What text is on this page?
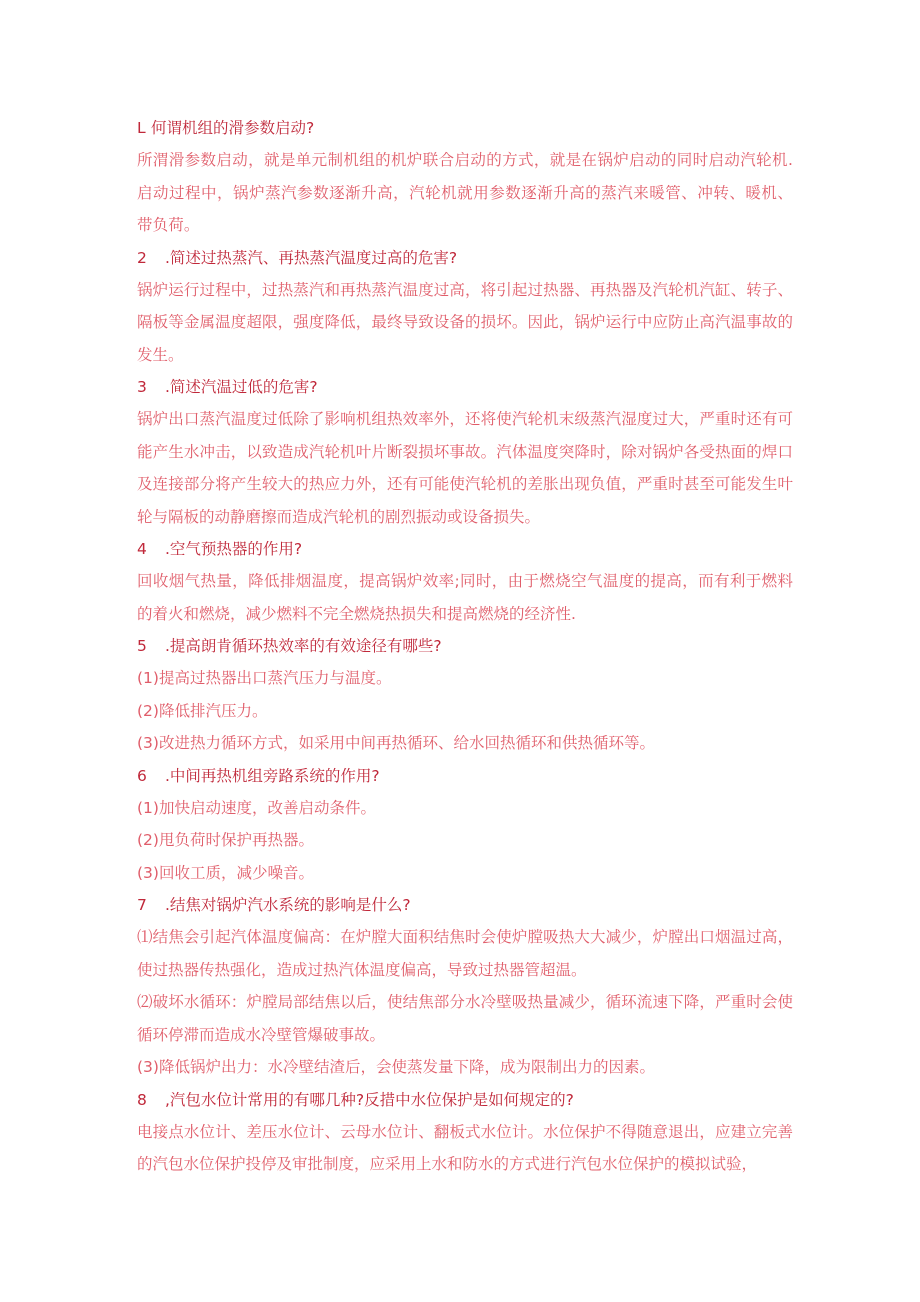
L 何谓机组的滑参数启动?

所渭滑参数启动，就是单元制机组的机炉联合启动的方式，就是在锅炉启动的同时启动汽轮机.启动过程中，锅炉蒸汽参数逐渐升高，汽轮机就用参数逐渐升高的蒸汽来暖管、冲转、暖机、带负荷。

2 .简述过热蒸汽、再热蒸汽温度过高的危害?

锅炉运行过程中，过热蒸汽和再热蒸汽温度过高，将引起过热器、再热器及汽轮机汽缸、转子、隔板等金属温度超限，强度降低，最终导致设备的损坏。因此，锅炉运行中应防止高汽温事故的发生。

3 .简述汽温过低的危害?

锅炉出口蒸汽温度过低除了影响机组热效率外，还将使汽轮机末级蒸汽湿度过大，严重时还有可能产生水冲击，以致造成汽轮机叶片断裂损坏事故。汽体温度突降时，除对锅炉各受热面的焊口及连接部分将产生较大的热应力外，还有可能使汽轮机的差胀出现负值，严重时甚至可能发生叶轮与隔板的动静磨擦而造成汽轮机的剧烈振动或设备损失。

4 .空气预热器的作用?

回收烟气热量，降低排烟温度，提高锅炉效率;同时，由于燃烧空气温度的提高，而有利于燃料的着火和燃烧，减少燃料不完全燃烧热损失和提高燃烧的经济性.

5 .提高朗肯循环热效率的有效途径有哪些?

(1)提高过热器出口蒸汽压力与温度。

(2)降低排汽压力。

(3)改进热力循环方式，如采用中间再热循环、给水回热循环和供热循环等。

6 .中间再热机组旁路系统的作用?

(1)加快启动速度，改善启动条件。

(2)甩负荷时保护再热器。

(3)回收工质，减少噪音。

7 .结焦对锅炉汽水系统的影响是什么?

⑴结焦会引起汽体温度偏高：在炉膛大面积结焦时会使炉膛吸热大大减少，炉膛出口烟温过高，使过热器传热强化，造成过热汽体温度偏高，导致过热器管超温。

⑵破坏水循环：炉膛局部结焦以后，使结焦部分水冷壁吸热量减少，循环流速下降，严重时会使循环停滞而造成水冷壁管爆破事故。

(3)降低锅炉出力：水冷壁结渣后，会使蒸发量下降，成为限制出力的因素。

8 ,汽包水位计常用的有哪几种?反措中水位保护是如何规定的?

电接点水位计、差压水位计、云母水位计、翻板式水位计。水位保护不得随意退出，应建立完善的汽包水位保护投停及审批制度，应采用上水和防水的方式进行汽包水位保护的模拟试验，
